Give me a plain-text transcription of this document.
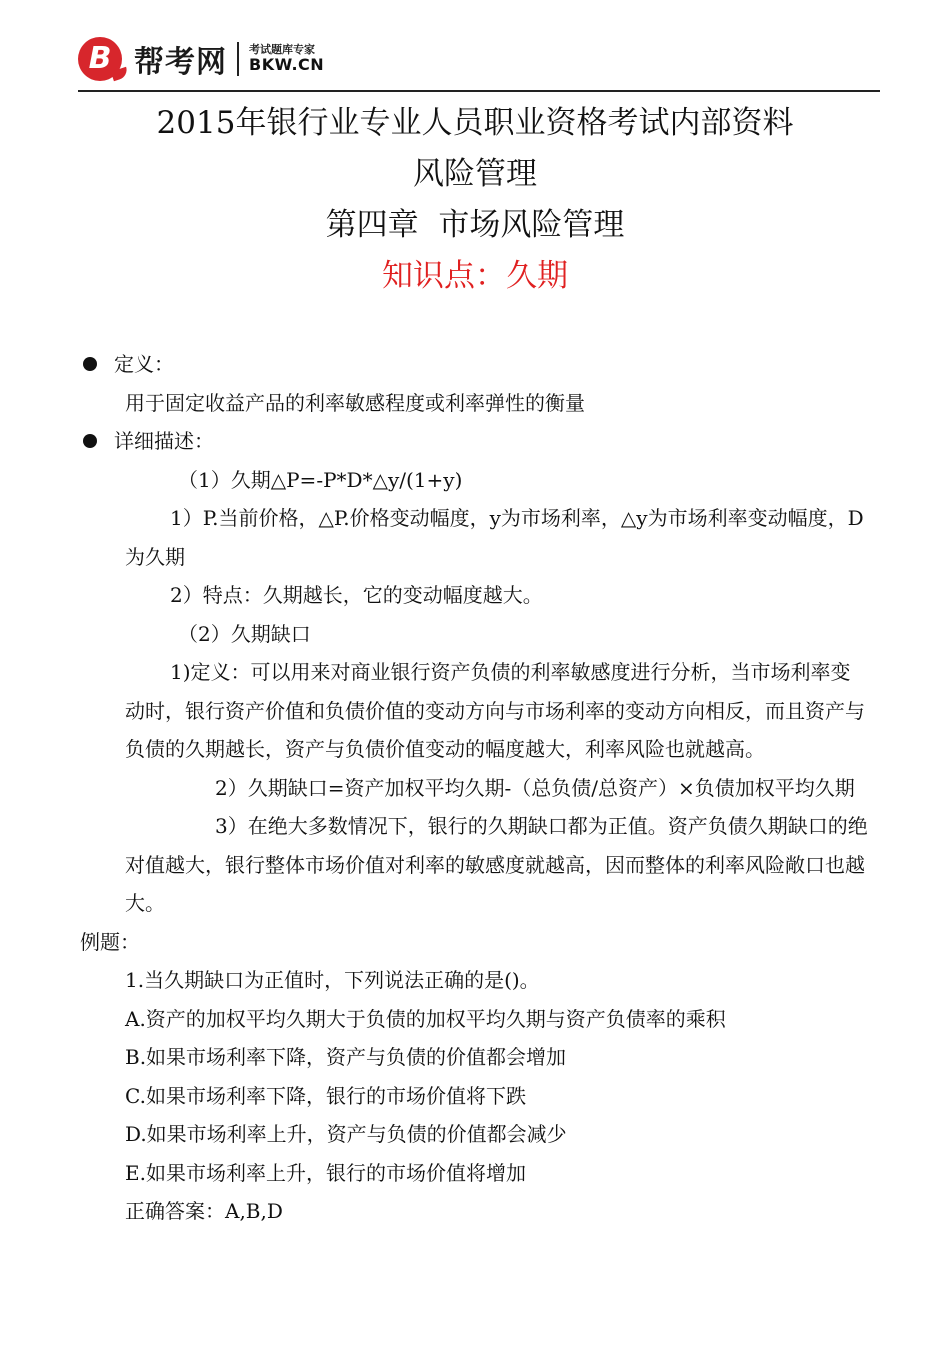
B 帮考网 考试题库专家
BKW.CN
2015年银行业专业人员职业资格考试内部资料
风险管理
第四章  市场风险管理
知识点：久期
定义：

用于固定收益产品的利率敏感程度或利率弹性的衡量

详细描述：

（1）久期△P=-P*D*△y/(1+y)

1）P.当前价格，△P.价格变动幅度，y为市场利率，△y为市场利率变动幅度，D为久期

2）特点：久期越长，它的变动幅度越大。

（2）久期缺口

1)定义：可以用来对商业银行资产负债的利率敏感度进行分析，当市场利率变动时，银行资产价值和负债价值的变动方向与市场利率的变动方向相反，而且资产与负债的久期越长，资产与负债价值变动的幅度越大，利率风险也就越高。

2）久期缺口=资产加权平均久期-（总负债/总资产）×负债加权平均久期

3）在绝大多数情况下，银行的久期缺口都为正值。资产负债久期缺口的绝对值越大，银行整体市场价值对利率的敏感度就越高，因而整体的利率风险敞口也越大。

例题：

1.当久期缺口为正值时，下列说法正确的是()。

A.资产的加权平均久期大于负债的加权平均久期与资产负债率的乘积

B.如果市场利率下降，资产与负债的价值都会增加

C.如果市场利率下降，银行的市场价值将下跌

D.如果市场利率上升，资产与负债的价值都会减少

E.如果市场利率上升，银行的市场价值将增加

正确答案：A,B,D
